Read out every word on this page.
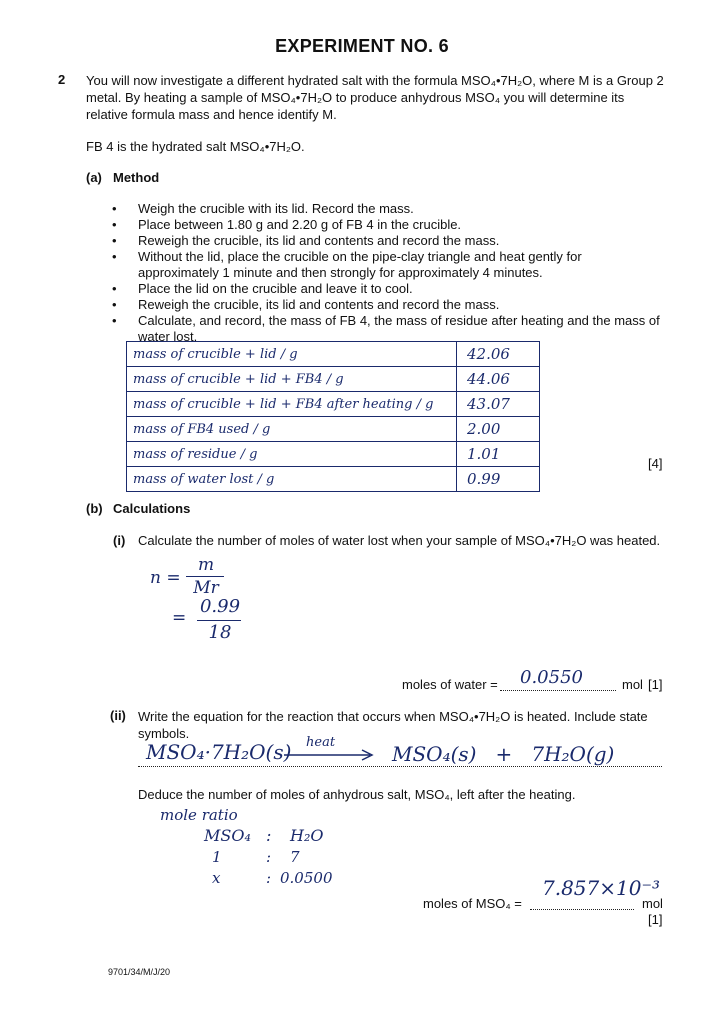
EXPERIMENT NO. 6
2 You will now investigate a different hydrated salt with the formula MSO₄•7H₂O, where M is a Group 2
metal. By heating a sample of MSO₄•7H₂O to produce anhydrous MSO₄ you will determine its
relative formula mass and hence identify M.
FB 4 is the hydrated salt MSO₄•7H₂O.
(a) Method
• Weigh the crucible with its lid. Record the mass.
• Place between 1.80 g and 2.20 g of FB 4 in the crucible.
• Reweigh the crucible, its lid and contents and record the mass.
• Without the lid, place the crucible on the pipe-clay triangle and heat gently for approximately 1 minute and then strongly for approximately 4 minutes.
• Place the lid on the crucible and leave it to cool.
• Reweigh the crucible, its lid and contents and record the mass.
• Calculate, and record, the mass of FB 4, the mass of residue after heating and the mass of water lost.
mass of crucible + lid / g	42.06
mass of crucible + lid + FB4 / g	44.06
mass of crucible + lid + FB4 after heating / g	43.07
mass of FB4 used / g	2.00
mass of residue / g	1.01
mass of water lost / g	0.99
[4]
(b) Calculations
(i) Calculate the number of moles of water lost when your sample of MSO₄•7H₂O was heated.
n =
m
Mr
=
0.99
18
moles of water = 0.0550	mol [1]
(ii) Write the equation for the reaction that occurs when MSO₄•7H₂O is heated. Include state
symbols.
MSO₄·7H₂O(s) heat	MSO₄(s)   +   7H₂O(g)
Deduce the number of moles of anhydrous salt, MSO₄, left after the heating.
mole ratio
MSO₄ : H₂O
1	: 7
x	: 0.0500
moles of MSO₄ =
7.857×10⁻³
mol
[1]
9701/34/M/J/20
